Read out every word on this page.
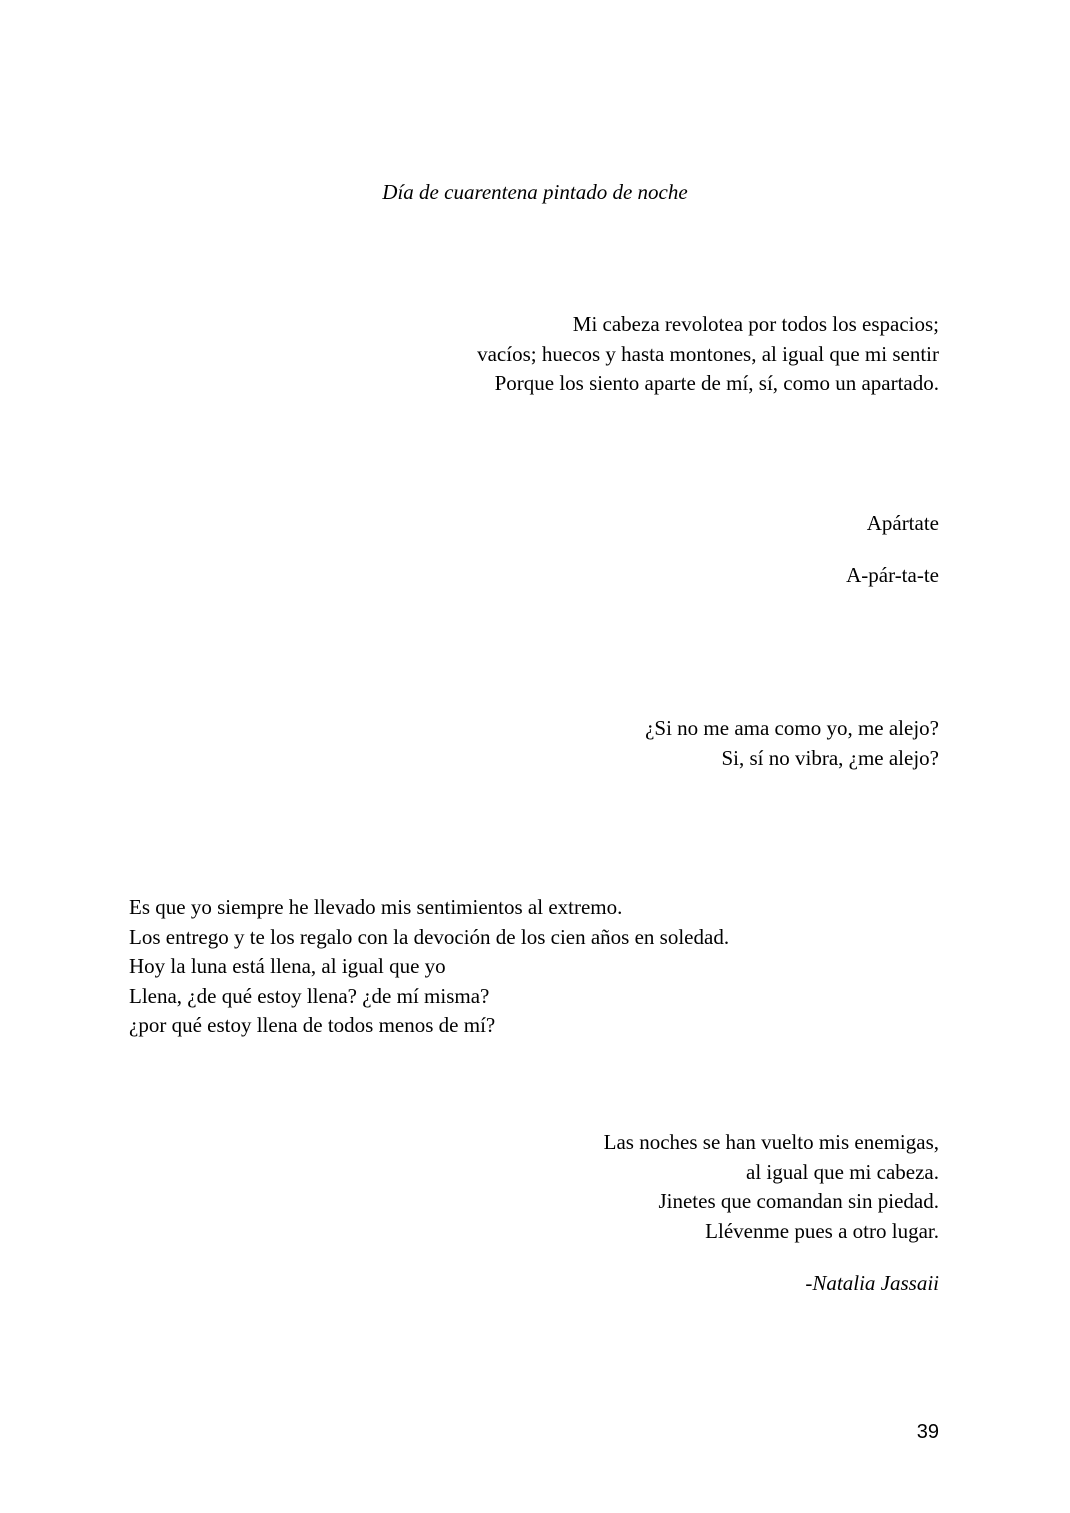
Día de cuarentena pintado de noche
Mi cabeza revolotea por todos los espacios;
vacíos; huecos y hasta montones, al igual que mi sentir
Porque los siento aparte de mí, sí, como un apartado.
Apártate
A-pár-ta-te
¿Si no me ama como yo, me alejo?
Si, sí no vibra, ¿me alejo?
Es que yo siempre he llevado mis sentimientos al extremo.
Los entrego y te los regalo con la devoción de los cien años en soledad.
Hoy la luna está llena, al igual que yo
Llena, ¿de qué estoy llena? ¿de mí misma?
¿por qué estoy llena de todos menos de mí?
Las noches se han vuelto mis enemigas,
al igual que mi cabeza.
Jinetes que comandan sin piedad.
Llévenme pues a otro lugar.
-Natalia Jassaii
39
